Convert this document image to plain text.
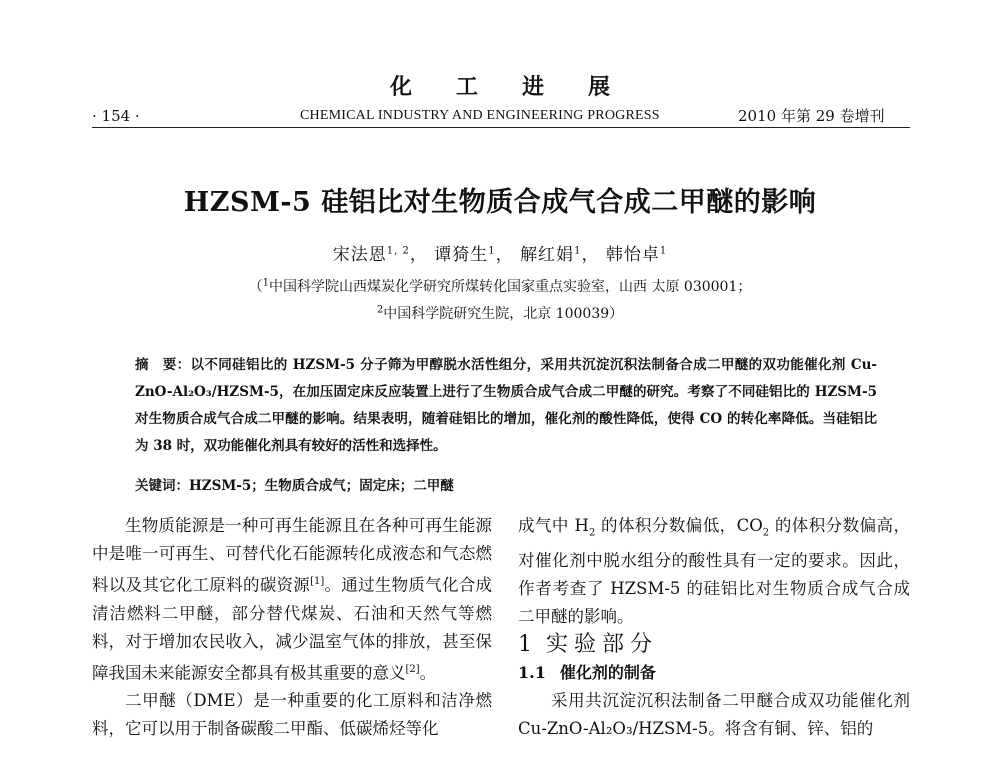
化工进展
· 154 ·	CHEMICAL INDUSTRY AND ENGINEERING PROGRESS	2010 年第 29 卷增刊
HZSM-5 硅铝比对生物质合成气合成二甲醚的影响
宋法恩$^{1, 2}$， 谭猗生$^1$， 解红娟$^1$， 韩怡卓$^1$
（$^1$中国科学院山西煤炭化学研究所煤转化国家重点实验室，山西 太原 030001；
$^2$中国科学院研究生院，北京 100039）
摘　要：以不同硅铝比的 HZSM-5 分子筛为甲醇脱水活性组分，采用共沉淀沉积法制备合成二甲醚的双功能催化剂 Cu-ZnO-Al₂O₃/HZSM-5，在加压固定床反应装置上进行了生物质合成气合成二甲醚的研究。考察了不同硅铝比的 HZSM-5 对生物质合成气合成二甲醚的影响。结果表明，随着硅铝比的增加，催化剂的酸性降低，使得 CO 的转化率降低。当硅铝比为 38 时，双功能催化剂具有较好的活性和选择性。
关键词：HZSM-5；生物质合成气；固定床；二甲醚

生物质能源是一种可再生能源且在各种可再生能源中是唯一可再生、可替代化石能源转化成液态和气态燃料以及其它化工原料的碳资源[1]。通过生物质气化合成清洁燃料二甲醚，部分替代煤炭、石油和天然气等燃料，对于增加农民收入，减少温室气体的排放，甚至保障我国未来能源安全都具有极其重要的意义[2]。

二甲醚（DME）是一种重要的化工原料和洁净燃料，它可以用于制备碳酸二甲酯、低碳烯烃等化

成气中 $H_2$ 的体积分数偏低，$CO_2$ 的体积分数偏高，对催化剂中脱水组分的酸性具有一定的要求。因此，作者考查了 HZSM-5 的硅铝比对生物质合成气合成二甲醚的影响。

1 实验部分

1.1 催化剂的制备

采用共沉淀沉积法制备二甲醚合成双功能催化剂 Cu-ZnO-Al₂O₃/HZSM-5。将含有铜、锌、铝的
